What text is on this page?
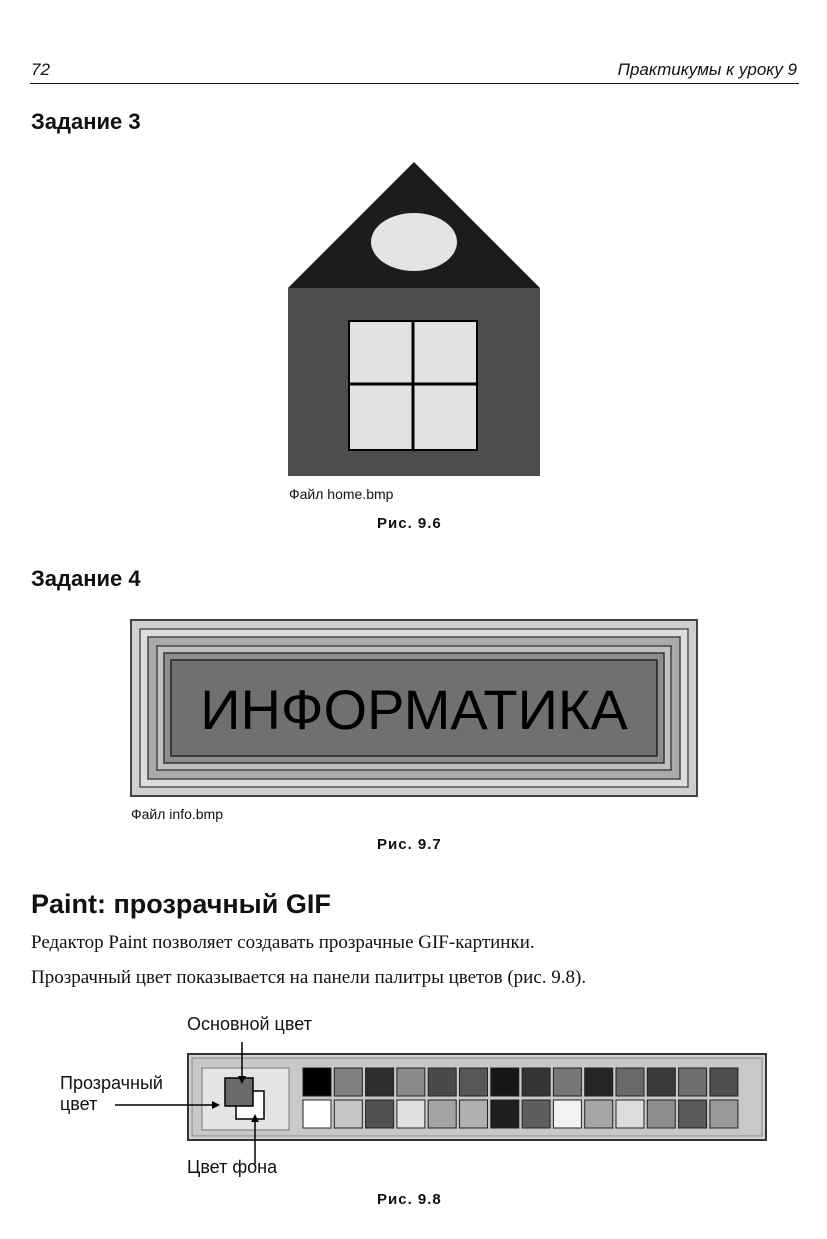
72	Практикумы к уроку 9
Задание 3
Файл home.bmp
Рис. 9.6
Задание 4
ИНФОРМАТИКА
Файл info.bmp
Рис. 9.7
Paint: прозрачный GIF
Редактор Paint позволяет создавать прозрачные GIF-картинки.
Прозрачный цвет показывается на панели палитры цветов (рис. 9.8).
Основной цвет
Прозрачный
цвет
Цвет фона
Рис. 9.8
